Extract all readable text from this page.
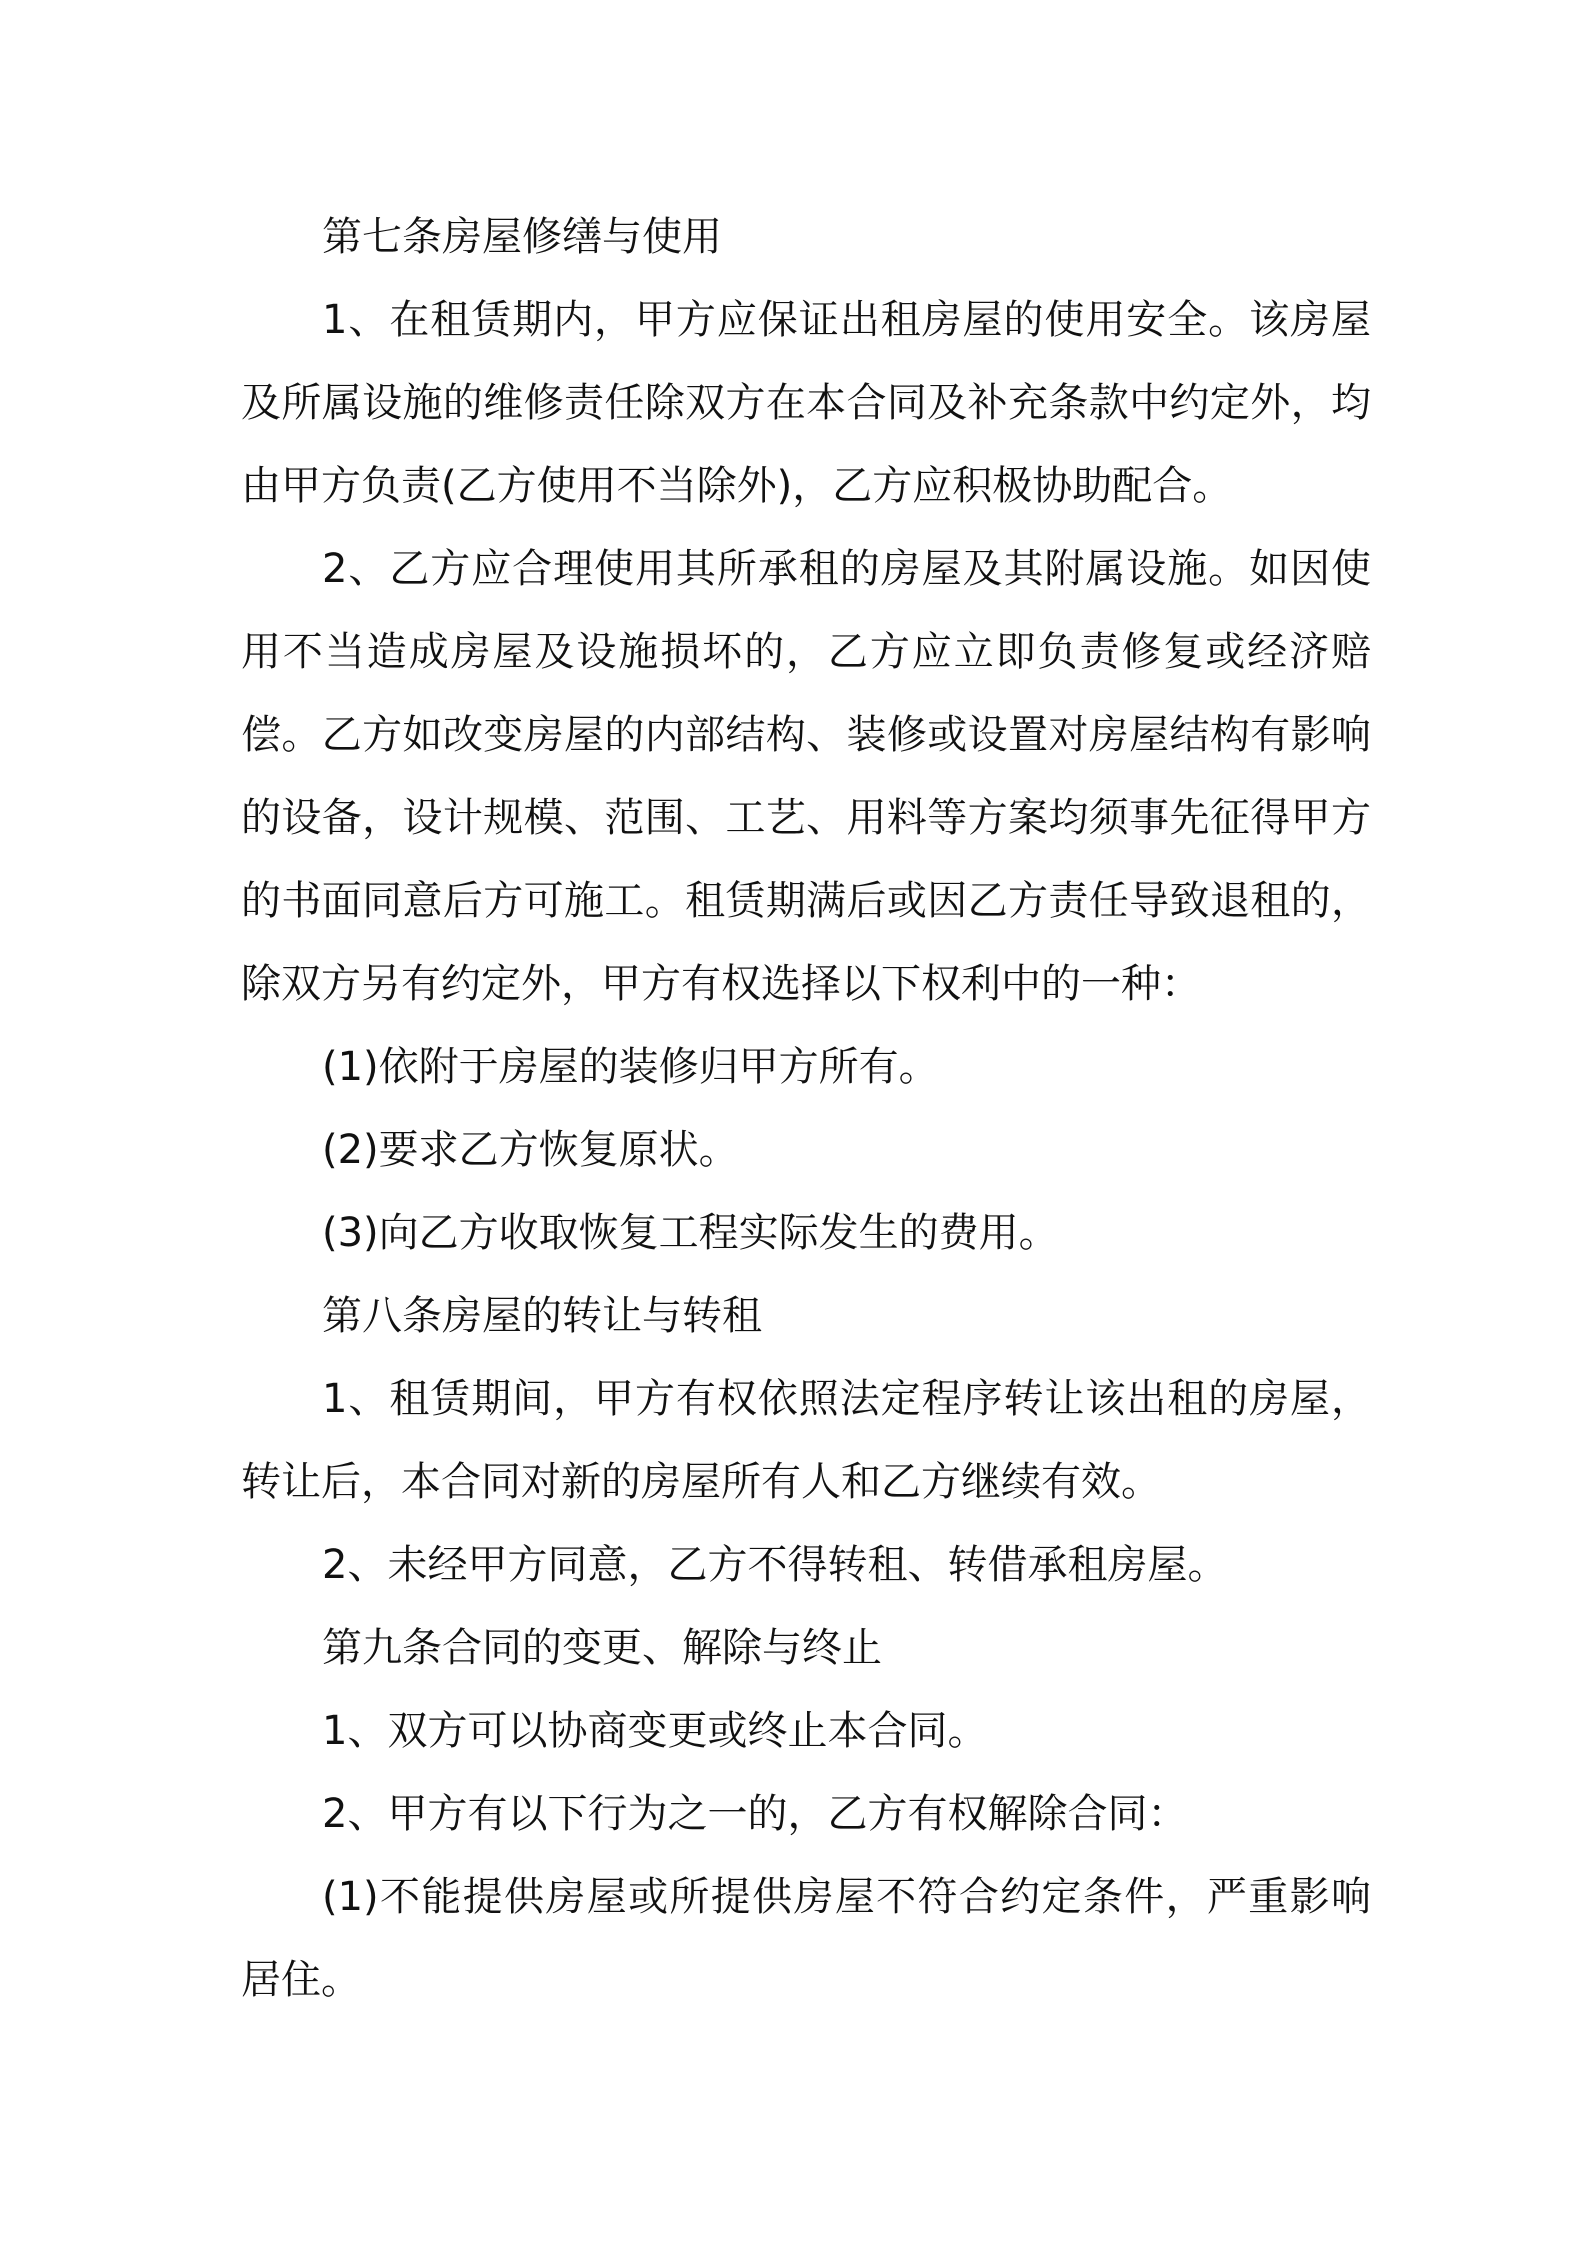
第七条房屋修缮与使用

1、在租赁期内，甲方应保证出租房屋的使用安全。该房屋及所属设施的维修责任除双方在本合同及补充条款中约定外，均由甲方负责(乙方使用不当除外)，乙方应积极协助配合。

2、乙方应合理使用其所承租的房屋及其附属设施。如因使用不当造成房屋及设施损坏的，乙方应立即负责修复或经济赔偿。乙方如改变房屋的内部结构、装修或设置对房屋结构有影响的设备，设计规模、范围、工艺、用料等方案均须事先征得甲方的书面同意后方可施工。租赁期满后或因乙方责任导致退租的，除双方另有约定外，甲方有权选择以下权利中的一种：

(1)依附于房屋的装修归甲方所有。

(2)要求乙方恢复原状。

(3)向乙方收取恢复工程实际发生的费用。

第八条房屋的转让与转租

1、租赁期间，甲方有权依照法定程序转让该出租的房屋，转让后，本合同对新的房屋所有人和乙方继续有效。

2、未经甲方同意，乙方不得转租、转借承租房屋。

第九条合同的变更、解除与终止

1、双方可以协商变更或终止本合同。

2、甲方有以下行为之一的，乙方有权解除合同：

(1)不能提供房屋或所提供房屋不符合约定条件，严重影响居住。
